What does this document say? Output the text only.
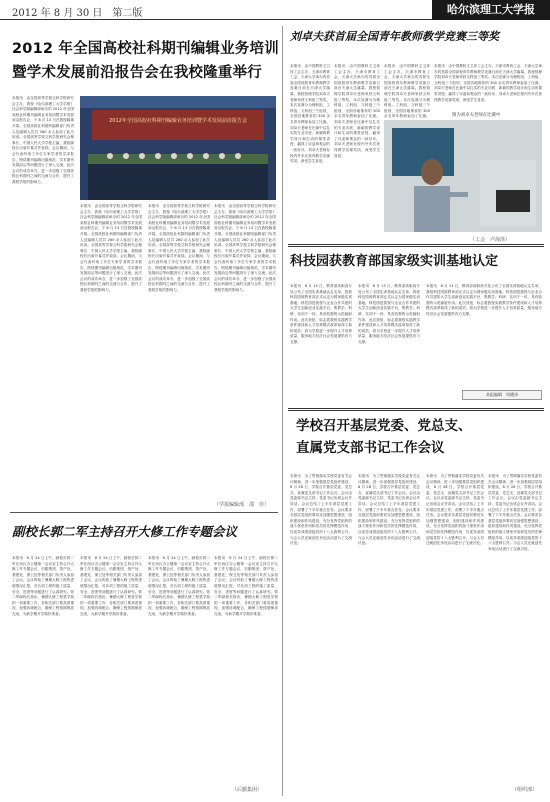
2012 年 8 月 30 日　第二版	哈尔滨理工大学报
2012 年全国高校社科期刊编辑业务培训
暨学术发展前沿报告会在我校隆重举行
本报讯　由全国高等学校文科学报研究会主办、我校《哈尔滨理工大学学报》社会科学版编辑部承办的 2012 年全国高校社科期刊编辑业务培训暨学术发展前沿报告会，于 8 月 13 日在我校隆重开幕。全国高校社科期刊编辑部门负责人及编辑人员共 260 余人参加了此次培训。全国高等学校文科学报研究会理事长、中国人民大学学报主编，我校副校长出席开幕式并致辞。会议期间，与会代表听取了多位专家学者的学术报告，围绕期刊编辑出版规范、学术期刊发展前沿等问题进行了深入交流。此次会议的成功举办，进一步加强了全国高校社科期刊之间的交流与合作，提升了我校学报的影响力。
2012年全国高校社科期刊编辑业务培训暨学术发展前沿报告会
本报讯　由全国高等学校文科学报研究会主办、我校《哈尔滨理工大学学报》社会科学版编辑部承办的 2012 年全国高校社科期刊编辑业务培训暨学术发展前沿报告会，于 8 月 13 日在我校隆重开幕。全国高校社科期刊编辑部门负责人及编辑人员共 260 余人参加了此次培训。全国高等学校文科学报研究会理事长、中国人民大学学报主编，我校副校长出席开幕式并致辞。会议期间，与会代表听取了多位专家学者的学术报告，围绕期刊编辑出版规范、学术期刊发展前沿等问题进行了深入交流。此次会议的成功举办，进一步加强了全国高校社科期刊之间的交流与合作，提升了我校学报的影响力。
本报讯　由全国高等学校文科学报研究会主办、我校《哈尔滨理工大学学报》社会科学版编辑部承办的 2012 年全国高校社科期刊编辑业务培训暨学术发展前沿报告会，于 8 月 13 日在我校隆重开幕。全国高校社科期刊编辑部门负责人及编辑人员共 260 余人参加了此次培训。全国高等学校文科学报研究会理事长、中国人民大学学报主编，我校副校长出席开幕式并致辞。会议期间，与会代表听取了多位专家学者的学术报告，围绕期刊编辑出版规范、学术期刊发展前沿等问题进行了深入交流。此次会议的成功举办，进一步加强了全国高校社科期刊之间的交流与合作，提升了我校学报的影响力。
本报讯　由全国高等学校文科学报研究会主办、我校《哈尔滨理工大学学报》社会科学版编辑部承办的 2012 年全国高校社科期刊编辑业务培训暨学术发展前沿报告会，于 8 月 13 日在我校隆重开幕。全国高校社科期刊编辑部门负责人及编辑人员共 260 余人参加了此次培训。全国高等学校文科学报研究会理事长、中国人民大学学报主编，我校副校长出席开幕式并致辞。会议期间，与会代表听取了多位专家学者的学术报告，围绕期刊编辑出版规范、学术期刊发展前沿等问题进行了深入交流。此次会议的成功举办，进一步加强了全国高校社科期刊之间的交流与合作，提升了我校学报的影响力。
（学报编辑部　邵　佳）
刘卓夫获首届全国青年教师教学竞赛三等奖
本报讯　由中国教科文卫体工会主办、天津市教育工会、天津大学承办的首届全国高校青年教师教学竞赛日前在天津大学落幕。我校管理学院刘卓夫老师荣获文科组三等奖。本次竞赛分为理科组、工科组、文科组三个组别，全国各地推荐的 300 余名青年教师参加了比赛。刘卓夫老师在比赛中以扎实的专业功底、新颖的教学设计和生动的课堂讲授，赢得了评委和观众的一致好评。刘卓夫老师在校内外多次获得教学竞赛奖项，深受学生喜爱。
本报讯　由中国教科文卫体工会主办、天津市教育工会、天津大学承办的首届全国高校青年教师教学竞赛日前在天津大学落幕。我校管理学院刘卓夫老师荣获文科组三等奖。本次竞赛分为理科组、工科组、文科组三个组别，全国各地推荐的 300 余名青年教师参加了比赛。刘卓夫老师在比赛中以扎实的专业功底、新颖的教学设计和生动的课堂讲授，赢得了评委和观众的一致好评。刘卓夫老师在校内外多次获得教学竞赛奖项，深受学生喜爱。
本报讯　由中国教科文卫体工会主办、天津市教育工会、天津大学承办的首届全国高校青年教师教学竞赛日前在天津大学落幕。我校管理学院刘卓夫老师荣获文科组三等奖。本次竞赛分为理科组、工科组、文科组三个组别，全国各地推荐的 300 余名青年教师参加了比赛。
本报讯　由中国教科文卫体工会主办、天津市教育工会、天津大学承办的首届全国高校青年教师教学竞赛日前在天津大学落幕。我校管理学院刘卓夫老师荣获文科组三等奖。本次竞赛分为理科组、工科组、文科组三个组别，全国各地推荐的 300 余名青年教师参加了比赛。刘卓夫老师在比赛中以扎实的专业功底、新颖的教学设计和生动的课堂讲授，赢得了评委和观众的一致好评。刘卓夫老师在校内外多次获得教学竞赛奖项，深受学生喜爱。
图为刘卓夫老师在比赛中
（工会　卢海泽）
科技园获教育部国家级实训基地认定
本报讯　8 月 13 日，教育部高职高专处公布了全国实训基地认定名单，我校科技园被教育部正式认定为国家级实训基地。科技园是我校与企业合作共建的大学生创新创业实践平台，集教学、科研、实训于一体，具有较强的示范辐射作用。此次获批，标志着我校实践教学条件建设和人才培养模式改革取得了新的成效，将为学校进一步提升人才培养质量、服务地方经济社会发展提供有力支撑。
本报讯　8 月 13 日，教育部高职高专处公布了全国实训基地认定名单，我校科技园被教育部正式认定为国家级实训基地。科技园是我校与企业合作共建的大学生创新创业实践平台，集教学、科研、实训于一体，具有较强的示范辐射作用。此次获批，标志着我校实践教学条件建设和人才培养模式改革取得了新的成效，将为学校进一步提升人才培养质量、服务地方经济社会发展提供有力支撑。
本报讯　8 月 13 日，教育部高职高专处公布了全国实训基地认定名单，我校科技园被教育部正式认定为国家级实训基地。科技园是我校与企业合作共建的大学生创新创业实践平台，集教学、科研、实训于一体，具有较强的示范辐射作用。此次获批，标志着我校实践教学条件建设和人才培养模式改革取得了新的成效，将为学校进一步提升人才培养质量、服务地方经济社会发展提供有力支撑。
本报编辑　周德泽
学校召开基层党委、党总支、
直属党支部书记工作会议
本报讯　为了贯彻落实学校党委有关会议精神，进一步加强基层党组织建设，8 月 28 日，学校召开基层党委、党总支、直属党支部书记工作会议。会议由党委副书记主持，党委书记出席会议并讲话。会议总结了上半年基层党建工作，部署了下半年重点任务。会议要求各基层党组织要切实加强思想建设、组织建设和作风建设，充分发挥党组织的战斗堡垒作用和党员的先锋模范作用，以优异成绩迎接党的十八大胜利召开。与会人员还就创先争优活动进行了交流讨论。
本报讯　为了贯彻落实学校党委有关会议精神，进一步加强基层党组织建设，8 月 28 日，学校召开基层党委、党总支、直属党支部书记工作会议。会议由党委副书记主持，党委书记出席会议并讲话。会议总结了上半年基层党建工作，部署了下半年重点任务。会议要求各基层党组织要切实加强思想建设、组织建设和作风建设，充分发挥党组织的战斗堡垒作用和党员的先锋模范作用，以优异成绩迎接党的十八大胜利召开。与会人员还就创先争优活动进行了交流讨论。
本报讯　为了贯彻落实学校党委有关会议精神，进一步加强基层党组织建设，8 月 28 日，学校召开基层党委、党总支、直属党支部书记工作会议。会议由党委副书记主持，党委书记出席会议并讲话。会议总结了上半年基层党建工作，部署了下半年重点任务。会议要求各基层党组织要切实加强思想建设、组织建设和作风建设，充分发挥党组织的战斗堡垒作用和党员的先锋模范作用，以优异成绩迎接党的十八大胜利召开。与会人员还就创先争优活动进行了交流讨论。
本报讯　为了贯彻落实学校党委有关会议精神，进一步加强基层党组织建设，8 月 28 日，学校召开基层党委、党总支、直属党支部书记工作会议。会议由党委副书记主持，党委书记出席会议并讲话。会议总结了上半年基层党建工作，部署了下半年重点任务。会议要求各基层党组织要切实加强思想建设、组织建设和作风建设，充分发挥党组织的战斗堡垒作用和党员的先锋模范作用，以优异成绩迎接党的十八大胜利召开。与会人员还就创先争优活动进行了交流讨论。
（组织部）
副校长郭二军主持召开大修工作专题会议
本报讯　8 月 24 日上午，副校长郭二军在西区办公楼第一会议室主持召开大修工作专题会议，后勤集团、资产处、基建处、保卫处等相关部门负责人参加了会议。会议听取了暑期大修工程的进展情况汇报，对各项工程的施工质量、安全、进度等问题进行了认真研究。郭二军副校长指出，暑期大修工程是学校的一项重要工作，各相关部门要高度重视，加强协调配合，确保工程按期保质完成，为新学期开学做好准备。
本报讯　8 月 24 日上午，副校长郭二军在西区办公楼第一会议室主持召开大修工作专题会议，后勤集团、资产处、基建处、保卫处等相关部门负责人参加了会议。会议听取了暑期大修工程的进展情况汇报，对各项工程的施工质量、安全、进度等问题进行了认真研究。郭二军副校长指出，暑期大修工程是学校的一项重要工作，各相关部门要高度重视，加强协调配合，确保工程按期保质完成，为新学期开学做好准备。
本报讯　8 月 24 日上午，副校长郭二军在西区办公楼第一会议室主持召开大修工作专题会议，后勤集团、资产处、基建处、保卫处等相关部门负责人参加了会议。会议听取了暑期大修工程的进展情况汇报，对各项工程的施工质量、安全、进度等问题进行了认真研究。郭二军副校长指出，暑期大修工程是学校的一项重要工作，各相关部门要高度重视，加强协调配合，确保工程按期保质完成，为新学期开学做好准备。
本报讯　8 月 24 日上午，副校长郭二军在西区办公楼第一会议室主持召开大修工作专题会议，后勤集团、资产处、基建处、保卫处等相关部门负责人参加了会议。会议听取了暑期大修工程的进展情况汇报，对各项工程的施工质量、安全、进度等问题进行了认真研究。郭二军副校长指出，暑期大修工程是学校的一项重要工作，各相关部门要高度重视，加强协调配合，确保工程按期保质完成，为新学期开学做好准备。
（后勤集团）
